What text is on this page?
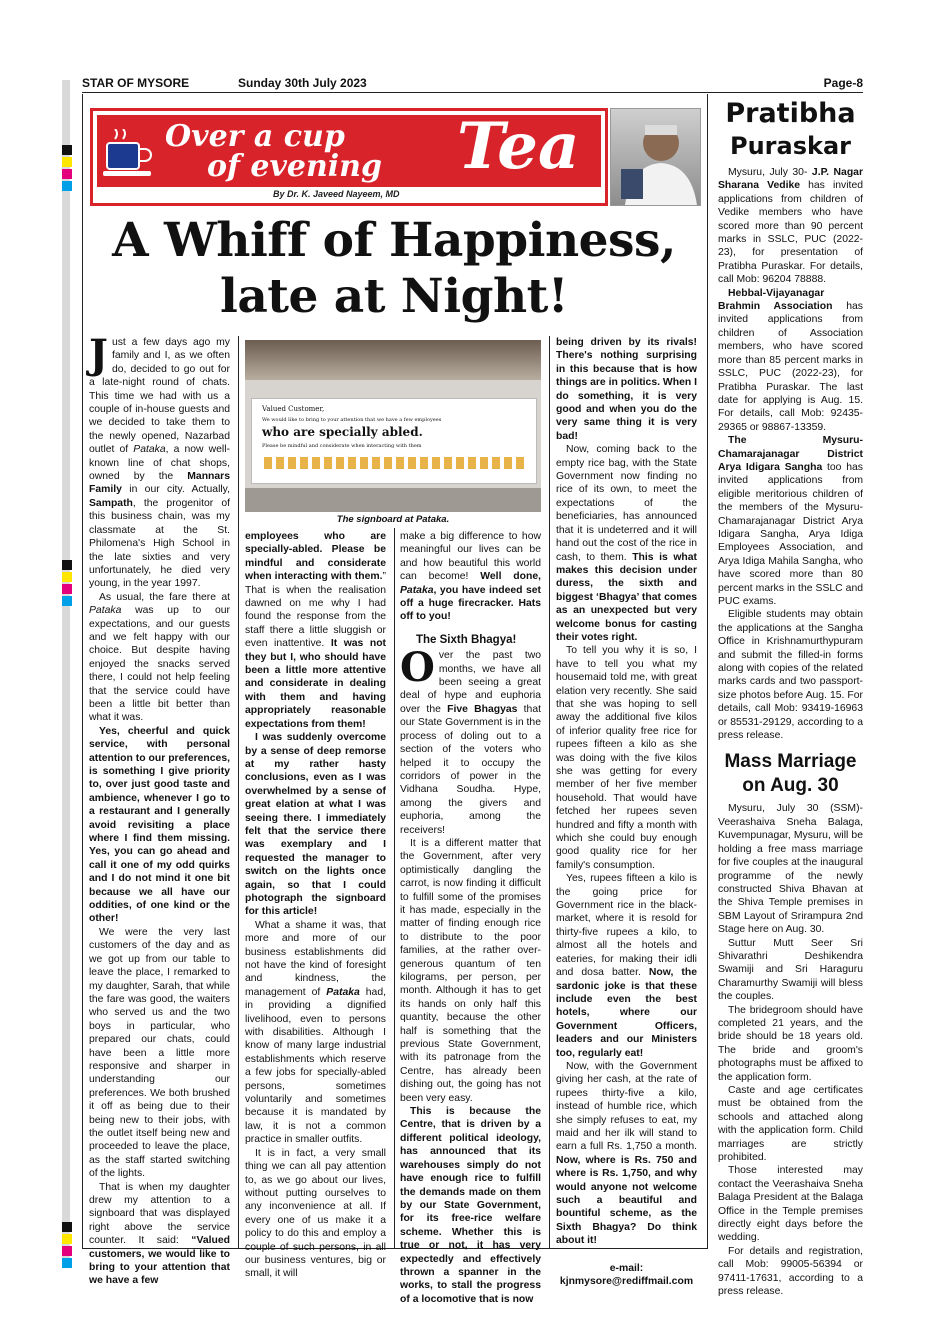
STAR OF MYSORE	Sunday 30th July 2023	Page-8
Over a cup
of evening Tea
By Dr. K. Javeed Nayeem, MD
A Whiff of Happiness,
late at Night!
Valued Customer,
We would like to bring to your attention that we have a few employees
who are specially abled.
Please be mindful and considerate when interacting with them
The signboard at Pataka.

Just a few days ago my family and I, as we often do, decided to go out for a late-night round of chats. This time we had with us a couple of in-house guests and we decided to take them to the newly opened, Nazarbad outlet of Pataka, a now well-known line of chat shops, owned by the Mannars Family in our city. Actually, Sampath, the progenitor of this business chain, was my classmate at the St. Philomena's High School in the late sixties and very unfortunately, he died very young, in the year 1997.

As usual, the fare there at Pataka was up to our expectations, and our guests and we felt happy with our choice. But despite having enjoyed the snacks served there, I could not help feeling that the service could have been a little bit better than what it was.

Yes, cheerful and quick service, with personal attention to our preferences, is something I give priority to, over just good taste and ambience, whenever I go to a restaurant and I generally avoid revisiting a place where I find them missing. Yes, you can go ahead and call it one of my odd quirks and I do not mind it one bit because we all have our oddities, of one kind or the other!

We were the very last customers of the day and as we got up from our table to leave the place, I remarked to my daughter, Sarah, that while the fare was good, the waiters who served us and the two boys in particular, who prepared our chats, could have been a little more responsive and sharper in understanding our preferences. We both brushed it off as being due to their being new to their jobs, with the outlet itself being new and proceeded to leave the place, as the staff started switching of the lights.

That is when my daughter drew my attention to a signboard that was displayed right above the service counter. It said: “Valued customers, we would like to bring to your attention that we have a few

employees who are specially-abled. Please be mindful and considerate when interacting with them.” That is when the realisation dawned on me why I had found the response from the staff there a little sluggish or even inattentive. It was not they but I, who should have been a little more attentive and considerate in dealing with them and having appropriately reasonable expectations from them!

I was suddenly overcome by a sense of deep remorse at my rather hasty conclusions, even as I was overwhelmed by a sense of great elation at what I was seeing there. I immediately felt that the service there was exemplary and I requested the manager to switch on the lights once again, so that I could photograph the signboard for this article!

What a shame it was, that more and more of our business establishments did not have the kind of foresight and kindness, the management of Pataka had, in providing a dignified livelihood, even to persons with disabilities. Although I know of many large industrial establishments which reserve a few jobs for specially-abled persons, sometimes voluntarily and sometimes because it is mandated by law, it is not a common practice in smaller outfits.

It is in fact, a very small thing we can all pay attention to, as we go about our lives, without putting ourselves to any inconvenience at all. If every one of us make it a policy to do this and employ a couple of such persons, in all our business ventures, big or small, it will

make a big difference to how meaningful our lives can be and how beautiful this world can become! Well done, Pataka, you have indeed set off a huge firecracker. Hats off to you!

The Sixth Bhagya!

Over the past two months, we have all been seeing a great deal of hype and euphoria over the Five Bhagyas that our State Government is in the process of doling out to a section of the voters who helped it to occupy the corridors of power in the Vidhana Soudha. Hype, among the givers and euphoria, among the receivers!

It is a different matter that the Government, after very optimistically dangling the carrot, is now finding it difficult to fulfill some of the promises it has made, especially in the matter of finding enough rice to distribute to the poor families, at the rather over-generous quantum of ten kilograms, per person, per month. Although it has to get its hands on only half this quantity, because the other half is something that the previous State Government, with its patronage from the Centre, has already been dishing out, the going has not been very easy.

This is because the Centre, that is driven by a different political ideology, has announced that its warehouses simply do not have enough rice to fulfill the demands made on them by our State Government, for its free-rice welfare scheme. Whether this is true or not, it has very expectedly and effectively thrown a spanner in the works, to stall the progress of a locomotive that is now

being driven by its rivals! There's nothing surprising in this because that is how things are in politics. When I do something, it is very good and when you do the very same thing it is very bad!

Now, coming back to the empty rice bag, with the State Government now finding no rice of its own, to meet the expectations of the beneficiaries, has announced that it is undeterred and it will hand out the cost of the rice in cash, to them. This is what makes this decision under duress, the sixth and biggest ‘Bhagya’ that comes as an unexpected but very welcome bonus for casting their votes right.

To tell you why it is so, I have to tell you what my housemaid told me, with great elation very recently. She said that she was hoping to sell away the additional five kilos of inferior quality free rice for rupees fifteen a kilo as she was doing with the five kilos she was getting for every member of her five member household. That would have fetched her rupees seven hundred and fifty a month with which she could buy enough good quality rice for her family's consumption.

Yes, rupees fifteen a kilo is the going price for Government rice in the black-market, where it is resold for thirty-five rupees a kilo, to almost all the hotels and eateries, for making their idli and dosa batter. Now, the sardonic joke is that these include even the best hotels, where our Government Officers, leaders and our Ministers too, regularly eat!

Now, with the Government giving her cash, at the rate of rupees thirty-five a kilo, instead of humble rice, which she simply refuses to eat, my maid and her ilk will stand to earn a full Rs. 1,750 a month. Now, where is Rs. 750 and where is Rs. 1,750, and why would anyone not welcome such a beautiful and bountiful scheme, as the Sixth Bhagya? Do think about it!

e-mail:
kjnmysore@rediffmail.com
Pratibha
Puraskar

Mysuru, July 30- J.P. Nagar Sharana Vedike has invited applications from children of Vedike members who have scored more than 90 percent marks in SSLC, PUC (2022-23), for presentation of Pratibha Puraskar. For details, call Mob: 96204 78888.

Hebbal-Vijayanagar Brahmin Association has invited applications from children of Association members, who have scored more than 85 percent marks in SSLC, PUC (2022-23), for Pratibha Puraskar. The last date for applying is Aug. 15. For details, call Mob: 92435-29365 or 98867-13359.

The Mysuru-Chamarajanagar District Arya Idigara Sangha too has invited applications from eligible meritorious children of the members of the Mysuru-Chamarajanagar District Arya Idigara Sangha, Arya Idiga Employees Association, and Arya Idiga Mahila Sangha, who have scored more than 80 percent marks in the SSLC and PUC exams.

Eligible students may obtain the applications at the Sangha Office in Krishnamurthypuram and submit the filled-in forms along with copies of the related marks cards and two passport-size photos before Aug. 15. For details, call Mob: 93419-16963 or 85531-29129, according to a press release.

Mass Marriage
on Aug. 30

Mysuru, July 30 (SSM)- Veerashaiva Sneha Balaga, Kuvempunagar, Mysuru, will be holding a free mass marriage for five couples at the inaugural programme of the newly constructed Shiva Bhavan at the Shiva Temple premises in SBM Layout of Srirampura 2nd Stage here on Aug. 30.

Suttur Mutt Seer Sri Shivarathri Deshikendra Swamiji and Sri Haraguru Charamurthy Swamiji will bless the couples.

The bridegroom should have completed 21 years, and the bride should be 18 years old. The bride and groom's photographs must be affixed to the application form.

Caste and age certificates must be obtained from the schools and attached along with the application form. Child marriages are strictly prohibited.

Those interested may contact the Veerashaiva Sneha Balaga President at the Balaga Office in the Temple premises directly eight days before the wedding.

For details and registration, call Mob: 99005-56394 or 97411-17631, according to a press release.
